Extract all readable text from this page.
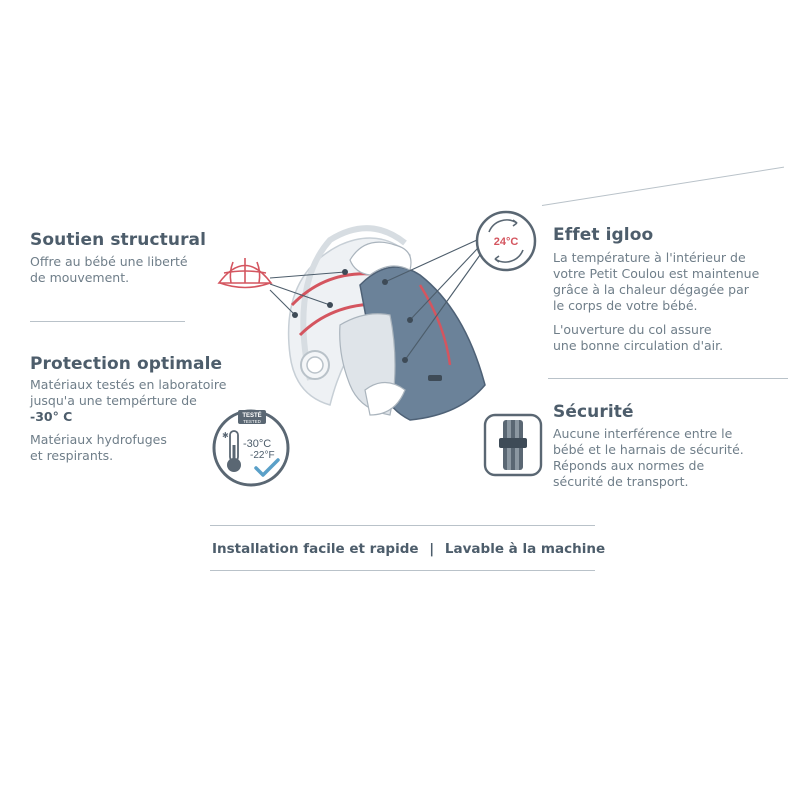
Soutien structural
Offre au bébé une liberté
de mouvement.
Protection optimale
Matériaux testés en laboratoire
jusqu'a une tempérture de
-30° C
Matériaux hydrofuges
et respirants.
Effet igloo
La température à l'intérieur de
votre Petit Coulou est maintenue
grâce à la chaleur dégagée par
le corps de votre bébé.
L'ouverture du col assure
une bonne circulation d'air.
Sécurité
Aucune interférence entre le
bébé et le harnais de sécurité.
Réponds aux normes de
sécurité de transport.
24°C
TESTÉ
TESTED
✱
-30°C
-22°F
Installation facile et rapide | Lavable à la machine
